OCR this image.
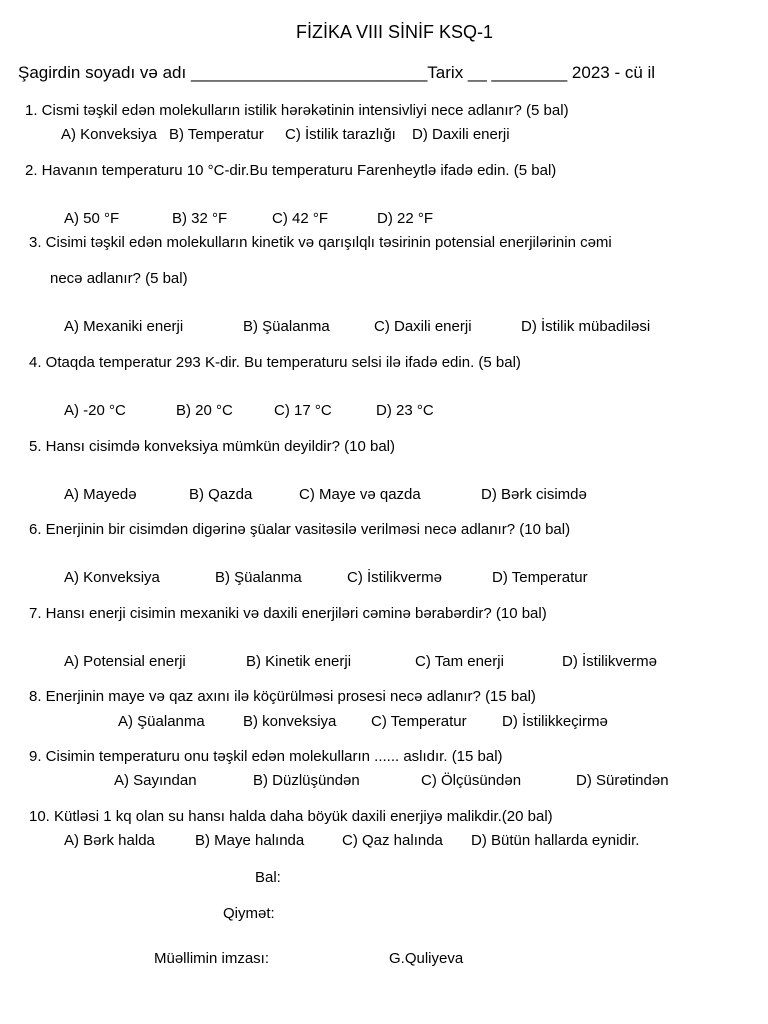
FİZİKA VIII SİNİF KSQ-1
Şagirdin soyadı və adı _________________________Tarix __ ________ 2023 - cü il
1. Cismi təşkil edən molekulların istilik hərəkətinin intensivliyi nece adlanır? (5 bal)
A) Konveksiya B) Temperatur C) İstilik tarazlığı D) Daxili enerji
2. Havanın temperaturu 10 °C-dir.Bu temperaturu Farenheytlə ifadə edin. (5 bal)
A) 50 °F	B) 32 °F	C) 42 °F	D) 22 °F
3. Cisimi təşkil edən molekulların kinetik və qarışılqlı təsirinin potensial enerjilərinin cəmi
necə adlanır? (5 bal)
A) Mexaniki enerji	B) Şüalanma	C) Daxili enerji	D) İstilik mübadiləsi
4. Otaqda temperatur 293 K-dir. Bu temperaturu selsi ilə ifadə edin. (5 bal)
A) -20 °C	B) 20 °C	C) 17 °C	D) 23 °C
5. Hansı cisimdə konveksiya mümkün deyildir? (10 bal)
A) Mayedə	B) Qazda	C) Maye və qazda	D) Bərk cisimdə
6. Enerjinin bir cisimdən digərinə şüalar vasitəsilə verilməsi necə adlanır? (10 bal)
A) Konveksiya	B) Şüalanma	C) İstilikvermə	D) Temperatur
7. Hansı enerji cisimin mexaniki və daxili enerjiləri cəminə bərabərdir? (10 bal)
A) Potensial enerji	B) Kinetik enerji	C) Tam enerji	D) İstilikvermə
8. Enerjinin maye və qaz axını ilə köçürülməsi prosesi necə adlanır? (15 bal)
A) Şüalanma	B) konveksiya C) Temperatur D) İstilikkeçirmə
9. Cisimin temperaturu onu təşkil edən molekulların ...... aslıdır. (15 bal)
A) Sayından	B) Düzlüşündən	C) Ölçüsündən	D) Sürətindən
10. Kütləsi 1 kq olan su hansı halda daha böyük daxili enerjiyə malikdir.(20 bal)
A) Bərk halda	B) Maye halında	C) Qaz halında D) Bütün hallarda eynidir.
Bal:
Qiymət:
Müəllimin imzası:	G.Quliyeva
